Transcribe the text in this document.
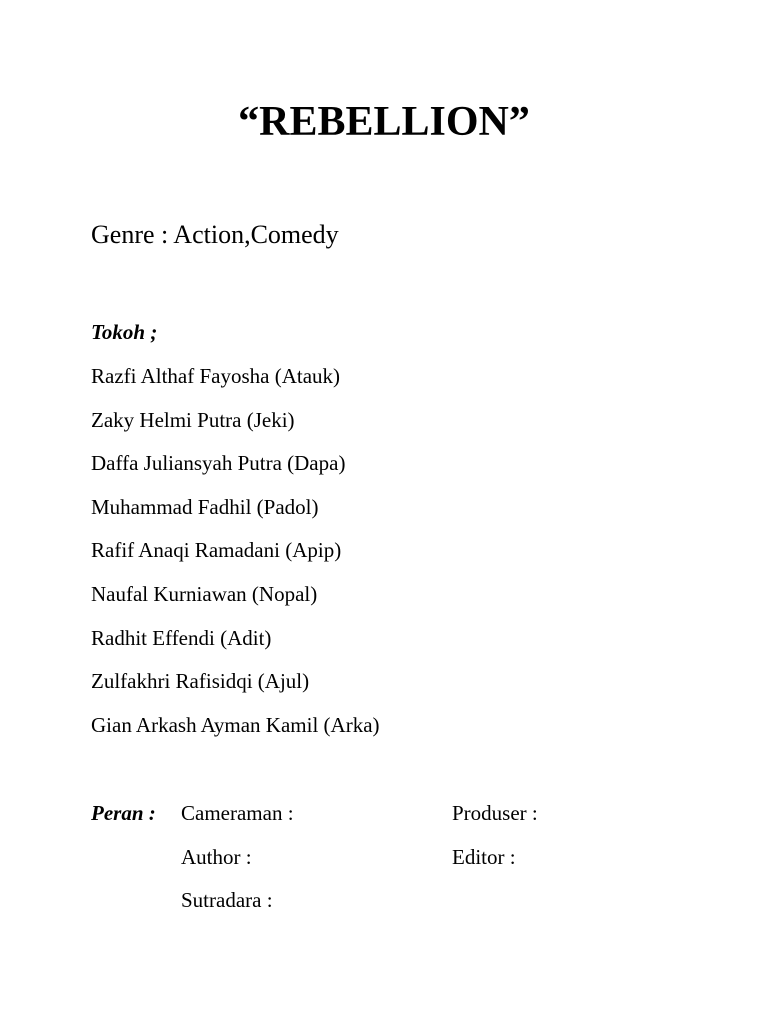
“REBELLION”
Genre : Action,Comedy
Tokoh ;
Razfi Althaf Fayosha (Atauk)
Zaky Helmi Putra (Jeki)
Daffa Juliansyah Putra (Dapa)
Muhammad Fadhil (Padol)
Rafif Anaqi Ramadani (Apip)
Naufal Kurniawan (Nopal)
Radhit Effendi (Adit)
Zulfakhri Rafisidqi (Ajul)
Gian Arkash Ayman Kamil (Arka)
Peran : Cameraman :	Produser :
Author :	Editor :
Sutradara :
